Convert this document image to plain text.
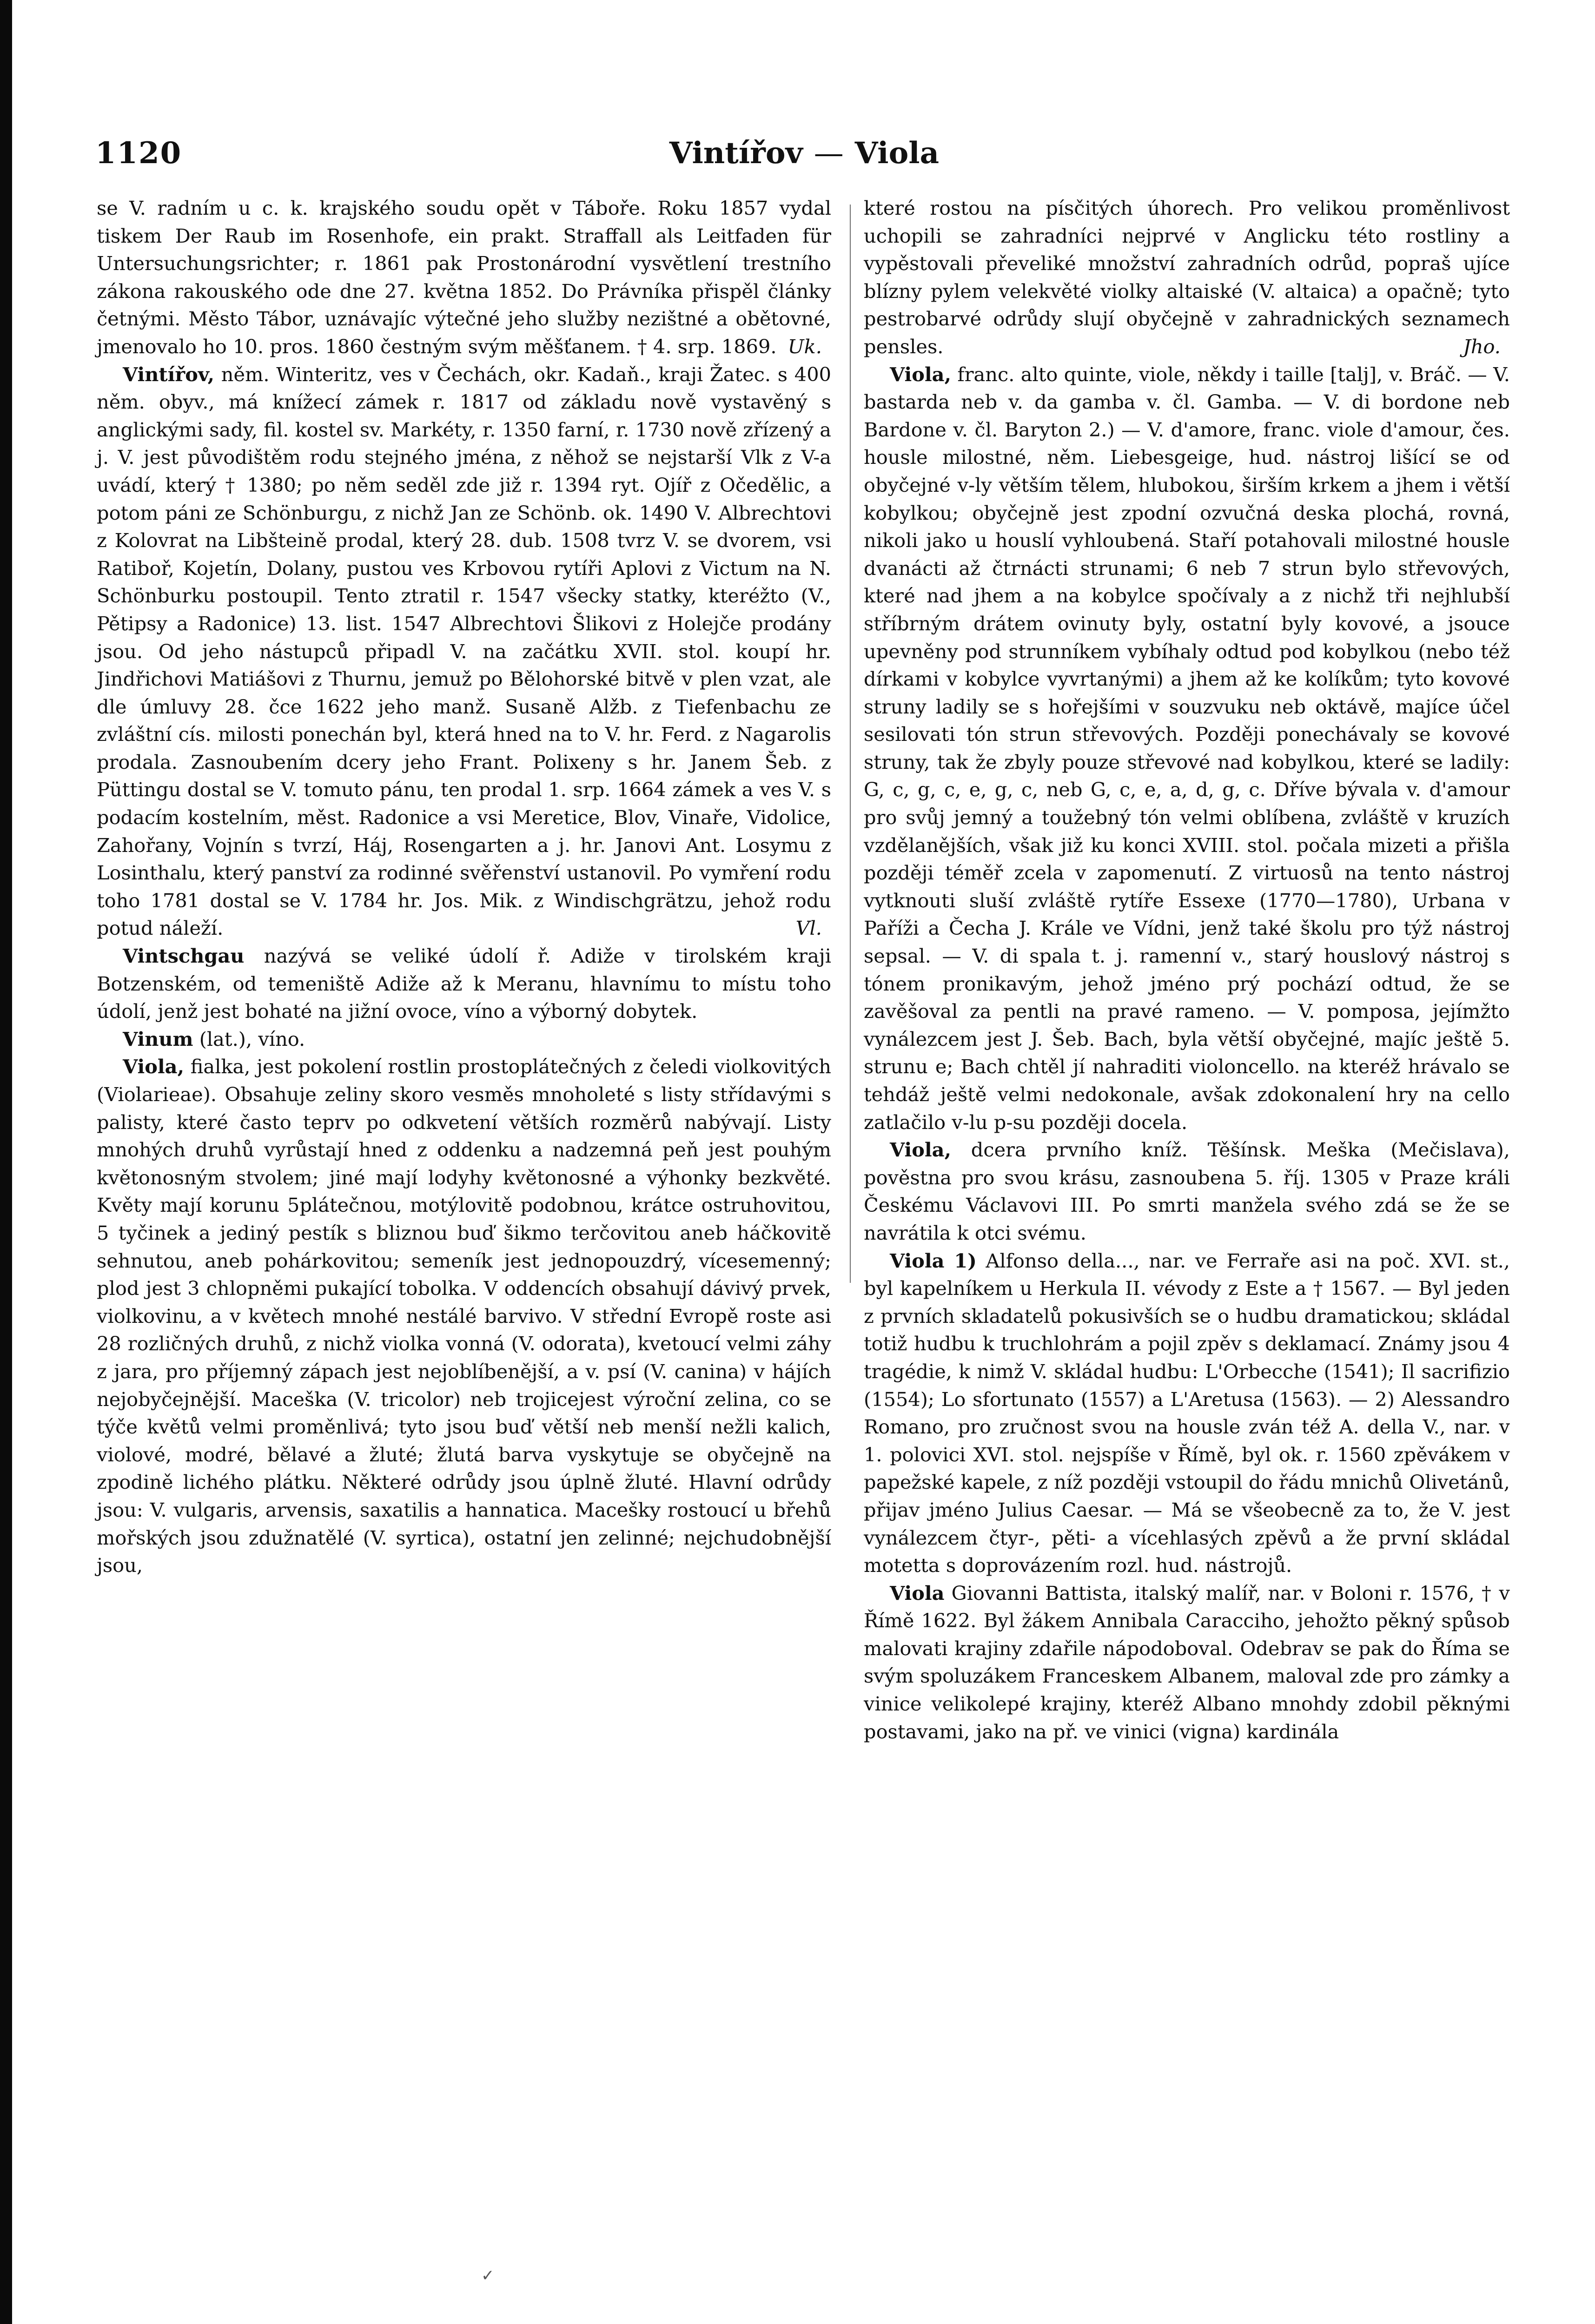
1120	Vintířov — Viola

se V. radním u c. k. krajského soudu opět v Táboře. Roku 1857 vydal tiskem Der Raub im Rosenhofe, ein prakt. Straffall als Leitfaden für Untersuchungsrichter; r. 1861 pak Prostonárodní vysvětlení trestního zákona rakouského ode dne 27. května 1852. Do Právníka přispěl články četnými. Město Tábor, uznávajíc výtečné jeho služby nezištné a obětovné, jmenovalo ho 10. pros. 1860 čestným svým měšťanem. † 4. srp. 1869. Uk.

Vintířov, něm. Winteritz, ves v Čechách, okr. Kadaň., kraji Žatec. s 400 něm. obyv., má knížecí zámek r. 1817 od základu nově vystavěný s anglickými sady, fil. kostel sv. Markéty, r. 1350 farní, r. 1730 nově zřízený a j. V. jest původištěm rodu stejného jména, z něhož se nejstarší Vlk z V-a uvádí, který † 1380; po něm seděl zde již r. 1394 ryt. Ojíř z Očedělic, a potom páni ze Schönburgu, z nichž Jan ze Schönb. ok. 1490 V. Albrechtovi z Kolovrat na Libšteině prodal, který 28. dub. 1508 tvrz V. se dvorem, vsi Ratiboř, Kojetín, Dolany, pustou ves Krbovou rytíři Aplovi z Victum na N. Schönburku postoupil. Tento ztratil r. 1547 všecky statky, kteréžto (V., Pětipsy a Radonice) 13. list. 1547 Albrechtovi Šlikovi z Holejče prodány jsou. Od jeho nástupců připadl V. na začátku XVII. stol. koupí hr. Jindřichovi Matiášovi z Thurnu, jemuž po Bělohorské bitvě v plen vzat, ale dle úmluvy 28. čce 1622 jeho manž. Susaně Alžb. z Tiefenbachu ze zvláštní cís. milosti ponechán byl, která hned na to V. hr. Ferd. z Nagarolis prodala. Zasnoubením dcery jeho Frant. Polixeny s hr. Janem Šeb. z Püttingu dostal se V. tomuto pánu, ten prodal 1. srp. 1664 zámek a ves V. s podacím kostelním, měst. Radonice a vsi Meretice, Blov, Vinaře, Vidolice, Zahořany, Vojnín s tvrzí, Háj, Rosengarten a j. hr. Janovi Ant. Losymu z Losinthalu, který panství za rodinné svěřenství ustanovil. Po vymření rodu toho 1781 dostal se V. 1784 hr. Jos. Mik. z Windischgrätzu, jehož rodu potud náleží.	Vl.

Vintschgau nazývá se veliké údolí ř. Adiže v tirolském kraji Botzenském, od temeniště Adiže až k Meranu, hlavnímu to místu toho údolí, jenž jest bohaté na jižní ovoce, víno a výborný dobytek.

Vinum (lat.), víno.

Viola, fialka, jest pokolení rostlin prostoplátečných z čeledi violkovitých (Violarieae). Obsahuje zeliny skoro vesměs mnoholeté s listy střídavými s palisty, které často teprv po odkvetení větších rozměrů nabývají. Listy mnohých druhů vyrůstají hned z oddenku a nadzemná peň jest pouhým květonosným stvolem; jiné mají lodyhy květonosné a výhonky bezkvěté. Květy mají korunu 5plátečnou, motýlovitě podobnou, krátce ostruhovitou, 5 tyčinek a jediný pestík s bliznou buď šikmo terčovitou aneb háčkovitě sehnutou, aneb pohárkovitou; semeník jest jednopouzdrý, vícesemenný; plod jest 3 chlopněmi pukající tobolka. V oddencích obsahují dávivý prvek, violkovinu, a v květech mnohé nestálé barvivo. V střední Evropě roste asi 28 rozličných druhů, z nichž violka vonná (V. odorata), kvetoucí velmi záhy z jara, pro příjemný zápach jest nejoblíbenější, a v. psí (V. canina) v hájích nejobyčejnější. Maceška (V. tricolor) neb trojicejest výroční zelina, co se týče květů velmi proměnlivá; tyto jsou buď větší neb menší nežli kalich, violové, modré, bělavé a žluté; žlutá barva vyskytuje se obyčejně na zpodině lichého plátku. Některé odrůdy jsou úplně žluté. Hlavní odrůdy jsou: V. vulgaris, arvensis, saxatilis a hannatica. Macešky rostoucí u břehů mořských jsou zdužnatělé (V. syrtica), ostatní jen zelinné; nejchudobnější jsou,

které rostou na písčitých úhorech. Pro velikou proměnlivost uchopili se zahradníci nejprvé v Anglicku této rostliny a vypěstovali převeliké množství zahradních odrůd, popraš ujíce blízny pylem velekvěté violky altaiské (V. altaica) a opačně; tyto pestrobarvé odrůdy slují obyčejně v zahradnických seznamech pensles.	Jho.

Viola, franc. alto quinte, viole, někdy i taille [talj], v. Bráč. — V. bastarda neb v. da gamba v. čl. Gamba. — V. di bordone neb Bardone v. čl. Baryton 2.) — V. d'amore, franc. viole d'amour, čes. housle milostné, něm. Liebesgeige, hud. nástroj lišící se od obyčejné v-ly větším tělem, hlubokou, širším krkem a jhem i větší kobylkou; obyčejně jest zpodní ozvučná deska plochá, rovná, nikoli jako u houslí vyhloubená. Staří potahovali milostné housle dvanácti až čtrnácti strunami; 6 neb 7 strun bylo střevových, které nad jhem a na kobylce spočívaly a z nichž tři nejhlubší stříbrným drátem ovinuty byly, ostatní byly kovové, a jsouce upevněny pod strunníkem vybíhaly odtud pod kobylkou (nebo též dírkami v kobylce vyvrtanými) a jhem až ke kolíkům; tyto kovové struny ladily se s hořejšími v souzvuku neb oktávě, majíce účel sesilovati tón strun střevových. Později ponechávaly se kovové struny, tak že zbyly pouze střevové nad kobylkou, které se ladily: G, c, g, c, e, g, c, neb G, c, e, a, d, g, c. Dříve bývala v. d'amour pro svůj jemný a toužebný tón velmi oblíbena, zvláště v kruzích vzdělanějších, však již ku konci XVIII. stol. počala mizeti a přišla později téměř zcela v zapomenutí. Z virtuosů na tento nástroj vytknouti sluší zvláště rytíře Essexe (1770—1780), Urbana v Paříži a Čecha J. Krále ve Vídni, jenž také školu pro týž nástroj sepsal. — V. di spala t. j. ramenní v., starý houslový nástroj s tónem pronikavým, jehož jméno prý pochází odtud, že se zavěšoval za pentli na pravé rameno. — V. pomposa, jejímžto vynálezcem jest J. Šeb. Bach, byla větší obyčejné, majíc ještě 5. strunu e; Bach chtěl jí nahraditi violoncello. na kteréž hrávalo se tehdáž ještě velmi nedokonale, avšak zdokonalení hry na cello zatlačilo v-lu p-su později docela.

Viola, dcera prvního kníž. Těšínsk. Meška (Mečislava), pověstna pro svou krásu, zasnoubena 5. říj. 1305 v Praze králi Českému Václavovi III. Po smrti manžela svého zdá se že se navrátila k otci svému.

Viola 1) Alfonso della..., nar. ve Ferraře asi na poč. XVI. st., byl kapelníkem u Herkula II. vévody z Este a † 1567. — Byl jeden z prvních skladatelů pokusivších se o hudbu dramatickou; skládal totiž hudbu k truchlohrám a pojil zpěv s deklamací. Známy jsou 4 tragédie, k nimž V. skládal hudbu: L'Orbecche (1541); Il sacrifizio (1554); Lo sfortunato (1557) a L'Aretusa (1563). — 2) Alessandro Romano, pro zručnost svou na housle zván též A. della V., nar. v 1. polovici XVI. stol. nejspíše v Římě, byl ok. r. 1560 zpěvákem v papežské kapele, z níž později vstoupil do řádu mnichů Olivetánů, přijav jméno Julius Caesar. — Má se všeobecně za to, že V. jest vynálezcem čtyr-, pěti- a vícehlasých zpěvů a že první skládal motetta s doprovázením rozl. hud. nástrojů.

Viola Giovanni Battista, italský malíř, nar. v Boloni r. 1576, † v Římě 1622. Byl žákem Annibala Caracciho, jehožto pěkný spůsob malovati krajiny zdařile nápodoboval. Odebrav se pak do Říma se svým spoluzákem Franceskem Albanem, maloval zde pro zámky a vinice velikolepé krajiny, kteréž Albano mnohdy zdobil pěknými postavami, jako na př. ve vinici (vigna) kardinála

✓
